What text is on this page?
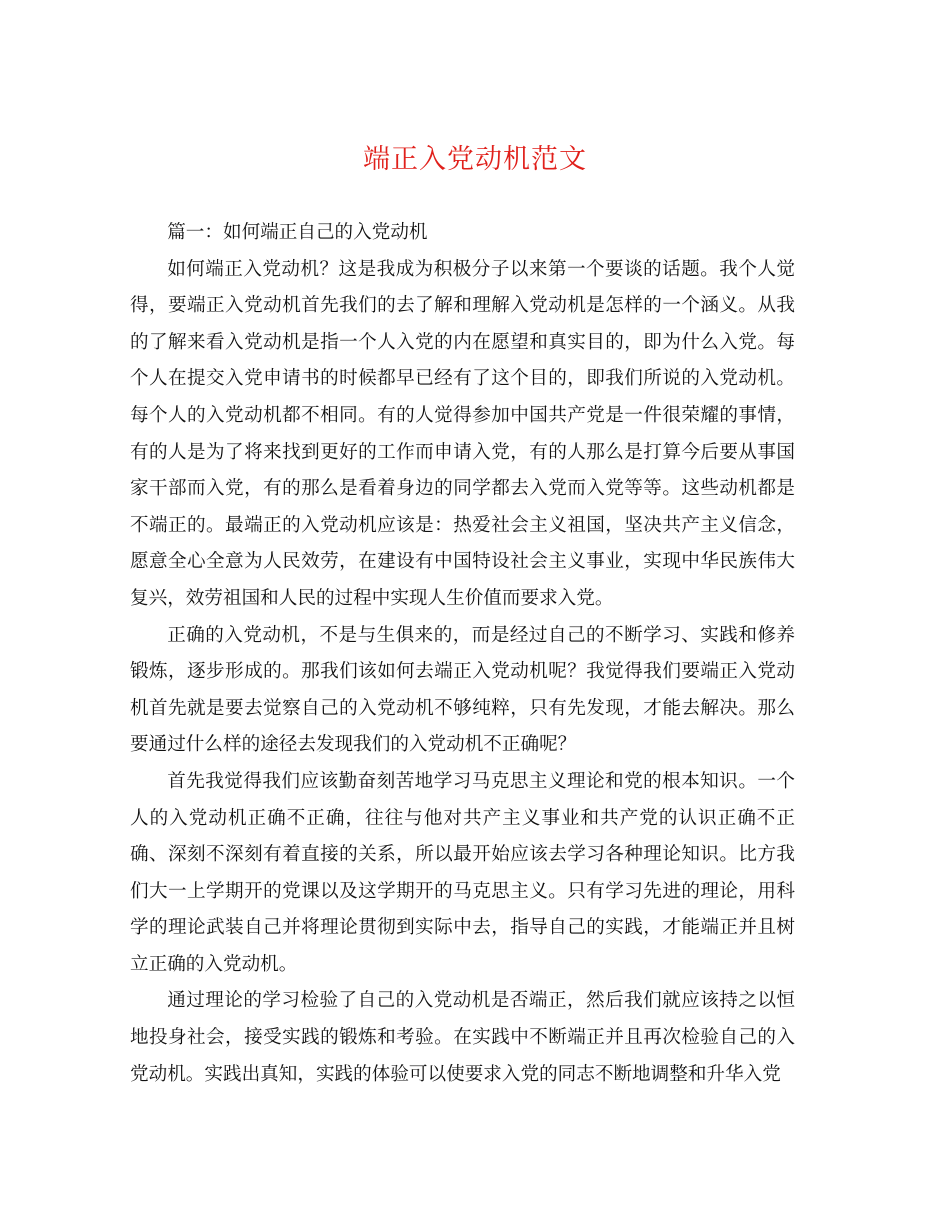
端正入党动机范文

篇一：如何端正自己的入党动机

如何端正入党动机？这是我成为积极分子以来第一个要谈的话题。我个人觉得，要端正入党动机首先我们的去了解和理解入党动机是怎样的一个涵义。从我的了解来看入党动机是指一个人入党的内在愿望和真实目的，即为什么入党。每个人在提交入党申请书的时候都早已经有了这个目的，即我们所说的入党动机。每个人的入党动机都不相同。有的人觉得参加中国共产党是一件很荣耀的事情，有的人是为了将来找到更好的工作而申请入党，有的人那么是打算今后要从事国家干部而入党，有的那么是看着身边的同学都去入党而入党等等。这些动机都是不端正的。最端正的入党动机应该是：热爱社会主义祖国，坚决共产主义信念，愿意全心全意为人民效劳，在建设有中国特设社会主义事业，实现中华民族伟大复兴，效劳祖国和人民的过程中实现人生价值而要求入党。

正确的入党动机，不是与生俱来的，而是经过自己的不断学习、实践和修养锻炼，逐步形成的。那我们该如何去端正入党动机呢？我觉得我们要端正入党动机首先就是要去觉察自己的入党动机不够纯粹，只有先发现，才能去解决。那么要通过什么样的途径去发现我们的入党动机不正确呢？

首先我觉得我们应该勤奋刻苦地学习马克思主义理论和党的根本知识。一个人的入党动机正确不正确，往往与他对共产主义事业和共产党的认识正确不正确、深刻不深刻有着直接的关系，所以最开始应该去学习各种理论知识。比方我们大一上学期开的党课以及这学期开的马克思主义。只有学习先进的理论，用科学的理论武装自己并将理论贯彻到实际中去，指导自己的实践，才能端正并且树立正确的入党动机。

通过理论的学习检验了自己的入党动机是否端正，然后我们就应该持之以恒地投身社会，接受实践的锻炼和考验。在实践中不断端正并且再次检验自己的入党动机。实践出真知，实践的体验可以使要求入党的同志不断地调整和升华入党
